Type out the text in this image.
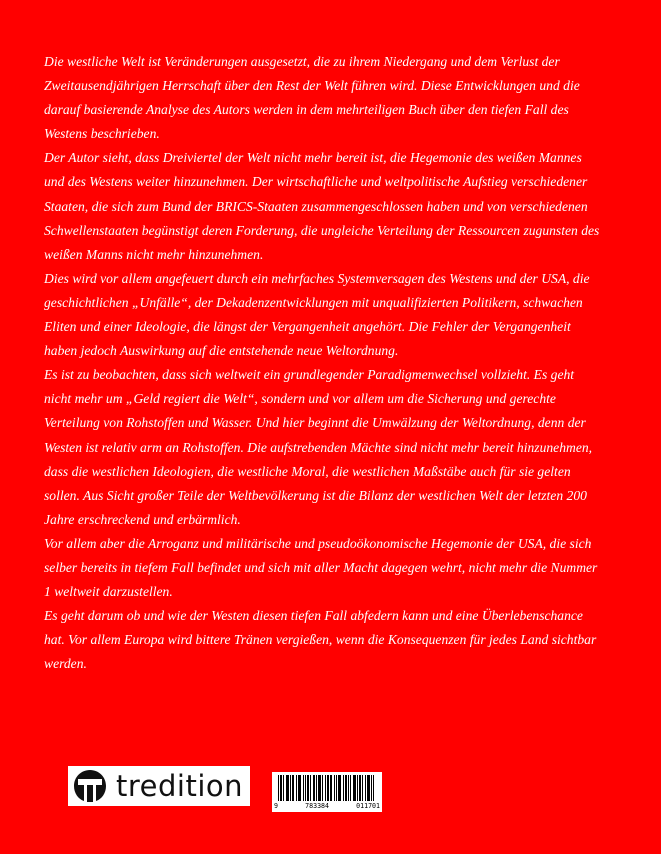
Die westliche Welt ist Veränderungen ausgesetzt, die zu ihrem Niedergang und dem Verlust der Zweitausendjährigen Herrschaft über den Rest der Welt führen wird. Diese Entwicklungen und die darauf basierende Analyse des Autors werden in dem mehrteiligen Buch über den tiefen Fall des Westens beschrieben.

Der Autor sieht, dass Dreiviertel der Welt nicht mehr bereit ist, die Hegemonie des weißen Mannes und des Westens weiter hinzunehmen. Der wirtschaftliche und weltpolitische Aufstieg verschiedener Staaten, die sich zum Bund der BRICS-Staaten zusammengeschlossen haben und von verschiedenen Schwellenstaaten begünstigt deren Forderung, die ungleiche Verteilung der Ressourcen zugunsten des weißen Manns nicht mehr hinzunehmen.

Dies wird vor allem angefeuert durch ein mehrfaches Systemversagen des Westens und der USA, die geschichtlichen „Unfälle“, der Dekadenzentwicklungen mit unqualifizierten Politikern, schwachen Eliten und einer Ideologie, die längst der Vergangenheit angehört. Die Fehler der Vergangenheit haben jedoch Auswirkung auf die entstehende neue Weltordnung.

Es ist zu beobachten, dass sich weltweit ein grundlegender Paradigmenwechsel vollzieht. Es geht nicht mehr um „Geld regiert die Welt“, sondern und vor allem um die Sicherung und gerechte Verteilung von Rohstoffen und Wasser. Und hier beginnt die Umwälzung der Weltordnung, denn der Westen ist relativ arm an Rohstoffen. Die aufstrebenden Mächte sind nicht mehr bereit hinzunehmen, dass die westlichen Ideologien, die westliche Moral, die westlichen Maßstäbe auch für sie gelten sollen. Aus Sicht großer Teile der Weltbevölkerung ist die Bilanz der westlichen Welt der letzten 200 Jahre erschreckend und erbärmlich.

Vor allem aber die Arroganz und militärische und pseudoökonomische Hegemonie der USA, die sich selber bereits in tiefem Fall befindet und sich mit aller Macht dagegen wehrt, nicht mehr die Nummer 1 weltweit darzustellen.

Es geht darum ob und wie der Westen diesen tiefen Fall abfedern kann und eine Überlebenschance hat. Vor allem Europa wird bittere Tränen vergießen, wenn die Konsequenzen für jedes Land sichtbar werden.

tredition
9	783384	011701
